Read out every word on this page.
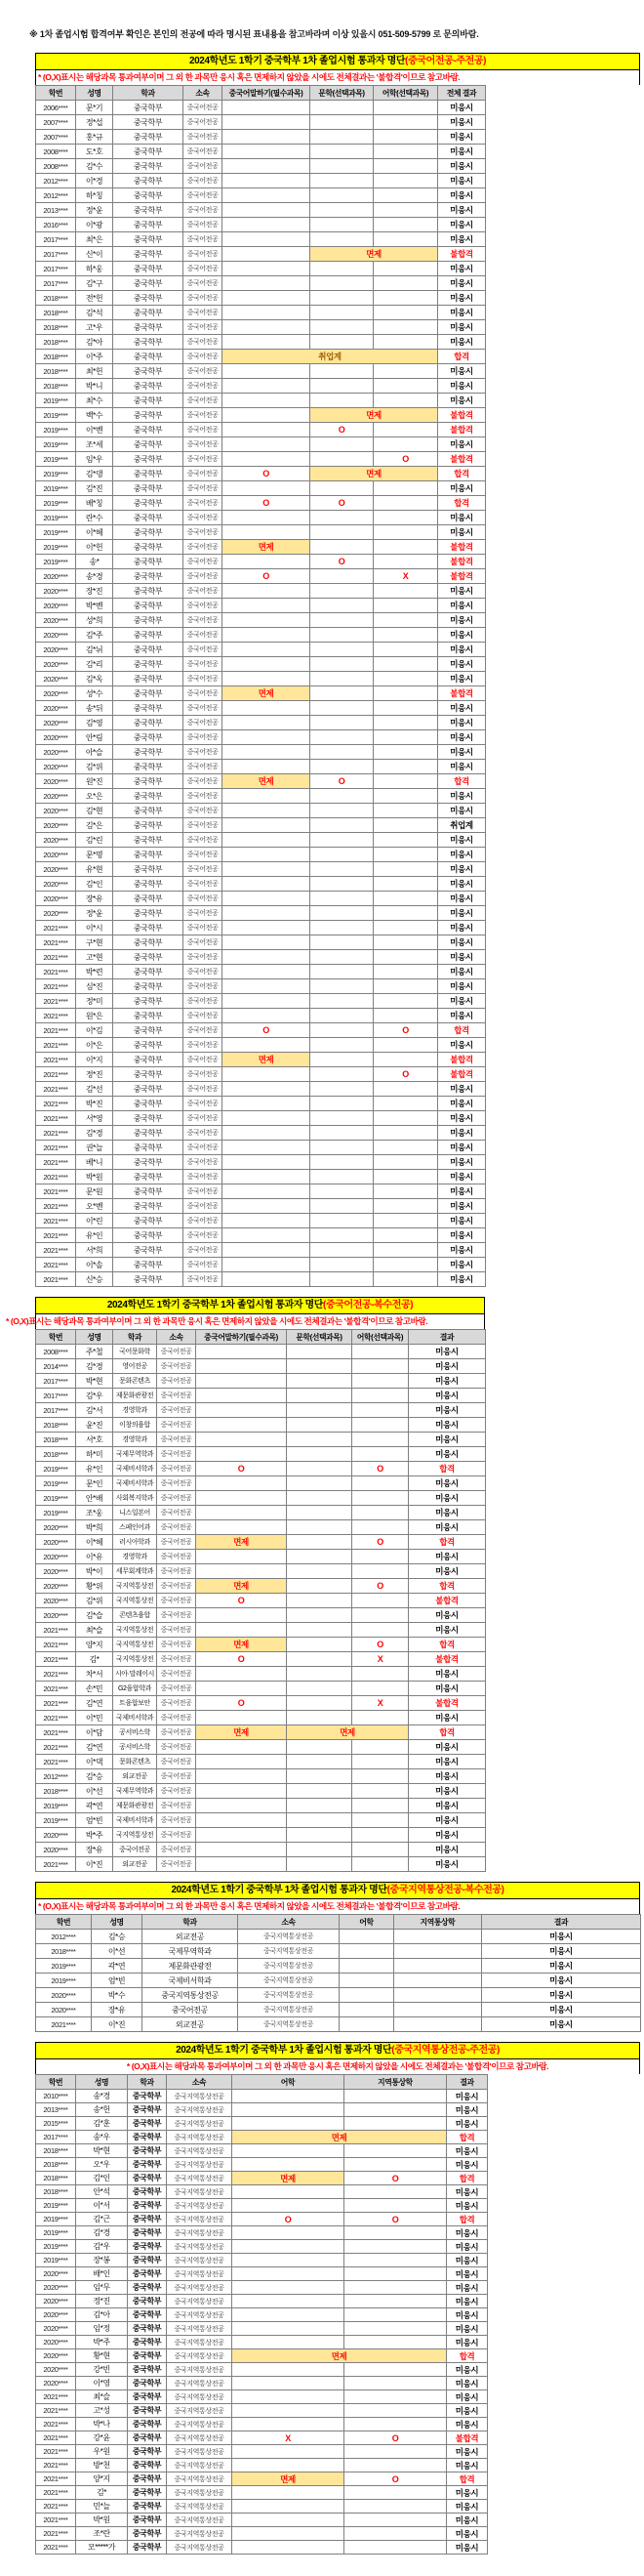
※ 1차 졸업시험 합격여부 확인은 본인의 전공에 따라 명시된 표내용을 참고바라며 이상 있을시 051-509-5799 로 문의바람.
2024학년도 1학기 중국학부 1차 졸업시험 통과자 명단(중국어전공-주전공)
* (O,X)표시는 해당과목 통과여부이며 그 외 한 과목만 응시 혹은 면제하지 않았을 시에도 전체결과는 '불합격'이므로 참고바람.
학번	성명	학과	소속	중국어말하기(필수과목)	문학(선택과목)	어학(선택과목)	전체 결과
2006****	문*기	중국학부	중국어전공				미응시
2007****	정*섭	중국학부	중국어전공				미응시
2007****	홍*규	중국학부	중국어전공				미응시
2008****	도*호	중국학부	중국어전공				미응시
2008****	김*수	중국학부	중국어전공				미응시
2012****	이*경	중국학부	중국어전공				미응시
2012****	하*칭	중국학부	중국어전공				미응시
2013****	정*윤	중국학부	중국어전공				미응시
2016****	이*광	중국학부	중국어전공				미응시
2017****	최*은	중국학부	중국어전공				미응시
2017****	신*이	중국학부	중국어전공		면제		불합격
2017****	하*웅	중국학부	중국어전공				미응시
2017****	김*구	중국학부	중국어전공				미응시
2018****	전*헌	중국학부	중국어전공				미응시
2018****	김*석	중국학부	중국어전공				미응시
2018****	고*우	중국학부	중국어전공				미응시
2018****	김*아	중국학부	중국어전공				미응시
2018****	이*주	중국학부	중국어전공	취업계			합격
2018****	최*헌	중국학부	중국어전공				미응시
2018****	박*니	중국학부	중국어전공				미응시
2019****	최*수	중국학부	중국어전공				미응시
2019****	백*수	중국학부	중국어전공		면제		불합격
2019****	이*벤	중국학부	중국어전공		O		불합격
2019****	조*세	중국학부	중국어전공				미응시
2019****	임*우	중국학부	중국어전공			O	불합격
2019****	김*댕	중국학부	중국어전공	O	면제		합격
2019****	김*진	중국학부	중국어전공				미응시
2019****	배*칭	중국학부	중국어전공	O	O		합격
2019****	란*수	중국학부	중국어전공				미응시
2019****	이*혜	중국학부	중국어전공				미응시
2019****	이*헌	중국학부	중국어전공	면제			불합격
2019****	송*	중국학부	중국어전공		O		불합격
2020****	송*경	중국학부	중국어전공	O		X	불합격
2020****	장*진	중국학부	중국어전공				미응시
2020****	박*벤	중국학부	중국어전공				미응시
2020****	성*희	중국학부	중국어전공				미응시
2020****	김*주	중국학부	중국어전공				미응시
2020****	김*뉘	중국학부	중국어전공				미응시
2020****	김*리	중국학부	중국어전공				미응시
2020****	김*옥	중국학부	중국어전공				미응시
2020****	성*수	중국학부	중국어전공	면제			불합격
2020****	송*뒤	중국학부	중국어전공				미응시
2020****	김*영	중국학부	중국어전공				미응시
2020****	안*림	중국학부	중국어전공				미응시
2020****	아*슬	중국학부	중국어전공				미응시
2020****	김*위	중국학부	중국어전공				미응시
2020****	원*진	중국학부	중국어전공	면제	O		합격
2020****	오*은	중국학부	중국어전공				미응시
2020****	김*현	중국학부	중국어전공				미응시
2020****	김*은	중국학부	중국어전공				취업계
2020****	김*린	중국학부	중국어전공				미응시
2020****	문*명	중국학부	중국어전공				미응시
2020****	유*현	중국학부	중국어전공				미응시
2020****	김*인	중국학부	중국어전공				미응시
2020****	장*유	중국학부	중국어전공				미응시
2020****	정*윤	중국학부	중국어전공				미응시
2021****	이*시	중국학부	중국어전공				미응시
2021****	구*현	중국학부	중국어전공				미응시
2021****	고*현	중국학부	중국어전공				미응시
2021****	박*련	중국학부	중국어전공				미응시
2021****	심*진	중국학부	중국어전공				미응시
2021****	정*미	중국학부	중국어전공				미응시
2021****	원*은	중국학부	중국어전공				미응시
2021****	이*김	중국학부	중국어전공	O		O	합격
2021****	이*은	중국학부	중국어전공				미응시
2021****	이*지	중국학부	중국어전공	면제			불합격
2021****	정*진	중국학부	중국어전공			O	불합격
2021****	김*선	중국학부	중국어전공				미응시
2021****	박*진	중국학부	중국어전공				미응시
2021****	서*영	중국학부	중국어전공				미응시
2021****	김*경	중국학부	중국어전공				미응시
2021****	권*늘	중국학부	중국어전공				미응시
2021****	베*니	중국학부	중국어전공				미응시
2021****	박*원	중국학부	중국어전공				미응시
2021****	문*원	중국학부	중국어전공				미응시
2021****	오*벤	중국학부	중국어전공				미응시
2021****	이*린	중국학부	중국어전공				미응시
2021****	유*인	중국학부	중국어전공				미응시
2021****	서*희	중국학부	중국어전공				미응시
2021****	이*솔	중국학부	중국어전공				미응시
2021****	신*승	중국학부	중국어전공				미응시
2024학년도 1학기 중국학부 1차 졸업시험 통과자 명단(중국어전공-복수전공)
* (O,X)표시는 해당과목 통과여부이며 그 외 한 과목만 응시 혹은 면제하지 않았을 시에도 전체결과는 '불합격'이므로 참고바람.
학번	성명	학과	소속	중국어말하기(필수과목)	문학(선택과목)	어학(선택과목)	결과
2008****	주*철	국어문화학	중국어전공				미응시
2014****	김*경	영어전공	중국어전공				미응시
2017****	박*현	문화콘텐츠	중국어전공				미응시
2017****	김*우	제문화관광전	중국어전공				미응시
2017****	김*서	경영학과	중국어전공				미응시
2018****	윤*진	이창의융합	중국어전공				미응시
2018****	서*호	경영학과	중국어전공				미응시
2018****	하*미	국제무역학과	중국어전공				미응시
2019****	유*인	국제비서학과	중국어전공	O		O	합격
2019****	문*인	국제비서학과	중국어전공				미응시
2019****	안*배	사회복지학과	중국어전공				미응시
2019****	조*웅	니스일본어	중국어전공				미응시
2020****	박*희	스페인어과	중국어전공				미응시
2020****	이*혜	러시아학과	중국어전공	면제		O	합격
2020****	이*유	경영학과	중국어전공				미응시
2020****	박*이	세무회계학과	중국어전공				미응시
2020****	황*위	국지역통상전	중국어전공	면제		O	합격
2020****	김*위	국지역통상전	중국어전공	O			불합격
2020****	김*슬	콘텐츠융합	중국어전공				미응시
2021****	최*슬	국지역통상전	중국어전공				미응시
2021****	양*지	국지역통상전	중국어전공	면제		O	합격
2021****	김*	국지역통상전	중국어전공	O		X	불합격
2021****	차*서	시아·말레이시	중국어전공				미응시
2021****	손*민	G2융합학과	중국어전공				미응시
2021****	김*연	트융합보안	중국어전공	O		X	불합격
2021****	이*민	국제비서학과	중국어전공				미응시
2021****	이*담	공서비스학	중국어전공	면제	면제		합격
2021****	김*연	공서비스학	중국어전공				미응시
2021****	이*댁	문화콘텐츠	중국어전공				미응시
2012****	김*승	외교전공	중국어전공				미응시
2018****	이*선	국제무역학과	중국어전공				미응시
2019****	곽*연	제문화관광전	중국어전공				미응시
2019****	엄*빈	국제비서학과	중국어전공				미응시
2020****	박*주	국지역통상전	중국어전공				미응시
2020****	장*유	중국어전공	중국어전공				미응시
2021****	이*진	외교전공	중국어전공				미응시
2024학년도 1학기 중국학부 1차 졸업시험 통과자 명단(중국지역통상전공-복수전공)
* (O,X)표시는 해당과목 통과여부이며 그 외 한 과목만 응시 혹은 면제하지 않았을 시에도 전체결과는 '불합격'이므로 참고바람.
학번	성명	학과	소속	어학	지역통상학	결과
2012****	김*승	외교전공	중국지역통상전공			미응시
2018****	이*선	국제무역학과	중국지역통상전공			미응시
2019****	곽*연	제문화관광전	중국지역통상전공			미응시
2019****	엄*빈	국제비서학과	중국지역통상전공			미응시
2020****	박*수	중국지역통상전공	중국지역통상전공			미응시
2020****	장*유	중국어전공	중국지역통상전공			미응시
2021****	이*진	외교전공	중국지역통상전공			미응시
2024학년도 1학기 중국학부 1차 졸업시험 통과자 명단(중국지역통상전공-주전공)
* (O,X)표시는 해당과목 통과여부이며 그 외 한 과목만 응시 혹은 면제하지 않았을 시에도 전체결과는 '불합격'이므로 참고바람.
학번	성명	학과	소속	어학	지역통상학	결과
2010****	송*경	중국학부	중국지역통상전공			미응시
2013****	송*헌	중국학부	중국지역통상전공			미응시
2015****	김*훈	중국학부	중국지역통상전공			미응시
2017****	송*우	중국학부	중국지역통상전공	면제		합격
2018****	박*현	중국학부	중국지역통상전공			미응시
2018****	오*우	중국학부	중국지역통상전공			미응시
2018****	김*인	중국학부	중국지역통상전공	면제	O	합격
2018****	안*석	중국학부	중국지역통상전공			미응시
2019****	이*서	중국학부	중국지역통상전공			미응시
2019****	김*근	중국학부	중국지역통상전공	O	O	합격
2019****	김*경	중국학부	중국지역통상전공			미응시
2019****	김*우	중국학부	중국지역통상전공			미응시
2019****	장*봉	중국학부	중국지역통상전공			미응시
2020****	배*인	중국학부	중국지역통상전공			미응시
2020****	임*무	중국학부	중국지역통상전공			미응시
2020****	정*진	중국학부	중국지역통상전공			미응시
2020****	김*아	중국학부	중국지역통상전공			미응시
2020****	임*정	중국학부	중국지역통상전공			미응시
2020****	박*주	중국학부	중국지역통상전공			미응시
2020****	황*현	중국학부	중국지역통상전공	면제		합격
2020****	강*빈	중국학부	중국지역통상전공			미응시
2020****	이*영	중국학부	중국지역통상전공			미응시
2021****	최*슬	중국학부	중국지역통상전공			미응시
2021****	고*성	중국학부	중국지역통상전공			미응시
2021****	박*나	중국학부	중국지역통상전공			미응시
2021****	강*윤	중국학부	중국지역통상전공	X	O	불합격
2021****	우*원	중국학부	중국지역통상전공			미응시
2021****	방*천	중국학부	중국지역통상전공			미응시
2021****	양*지	중국학부	중국지역통상전공	면제	O	합격
2021****	김*	중국학부	중국지역통상전공			미응시
2021****	민*늘	중국학부	중국지역통상전공			미응시
2021****	박*원	중국학부	중국지역통상전공			미응시
2021****	조*란	중국학부	중국지역통상전공			미응시
2021****	모*****가	중국학부	중국지역통상전공			미응시
